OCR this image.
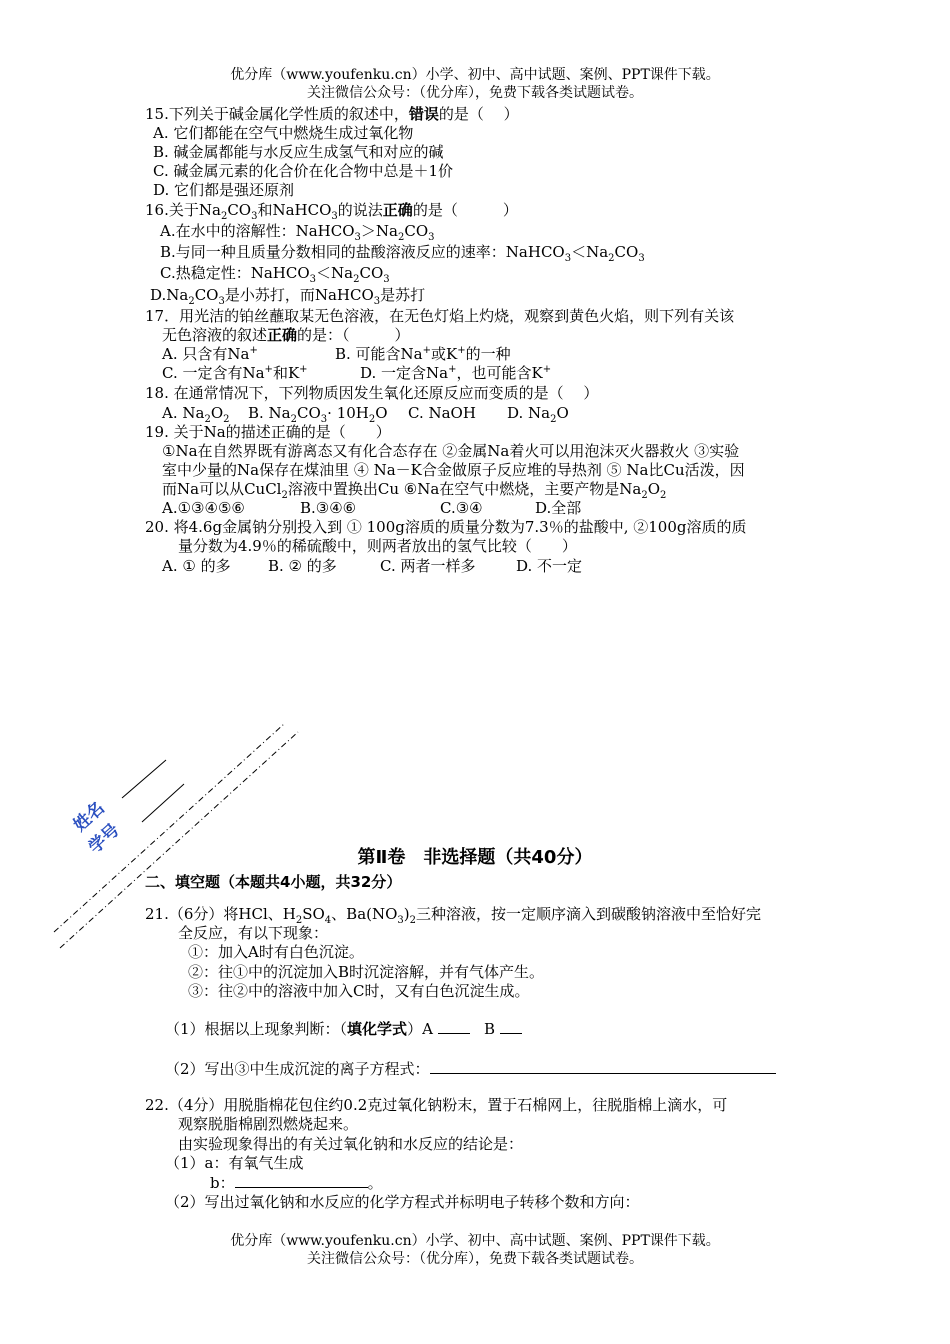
优分库（www.youfenku.cn）小学、初中、高中试题、案例、PPT课件下载。
关注微信公众号：（优分库），免费下载各类试题试卷。
15.下列关于碱金属化学性质的叙述中，错误的是（　 ）
A. 它们都能在空气中燃烧生成过氧化物
B. 碱金属都能与水反应生成氢气和对应的碱
C. 碱金属元素的化合价在化合物中总是＋1价
D. 它们都是强还原剂
16.关于$Na_2CO_3$和NaHCO$_3$的说法正确的是（　　　）
A.在水中的溶解性：$NaHCO_3>Na_2CO_3$
B.与同一种且质量分数相同的盐酸溶液反应的速率：$NaHCO_3<Na_2CO_3$
C.热稳定性：$NaHCO_3<Na_2CO_3$
$D.Na_2CO_3$是小苏打，而NaHCO$_3$是苏打
17．用光洁的铂丝蘸取某无色溶液，在无色灯焰上灼烧，观察到黄色火焰，则下列有关该
无色溶液的叙述正确的是：（　　　）
A. 只含有Na+	B. 可能含Na+或K+的一种
C. 一定含有Na+和K+	D. 一定含Na+，也可能含K+
18. 在通常情况下，下列物质因发生氧化还原反应而变质的是（　 ）
A. $Na_2O_2$ B. $Na_2CO_3\cdot 10H_2O$ C. NaOH D. $Na_2O$
19. 关于Na的描述正确的是（　　）
①Na在自然界既有游离态又有化合态存在 ②金属Na着火可以用泡沫灭火器救火 ③实验
室中少量的Na保存在煤油里 ④ Na－K合金做原子反应堆的导热剂 ⑤ Na比Cu活泼，因
而Na可以从CuCl$_2$溶液中置换出Cu ⑥Na在空气中燃烧，主要产物是$Na_2O_2$
A.①③④⑤⑥	B.③④⑥	C.③④	D.全部
20. 将4.6g金属钠分别投入到 ① 100g溶质的质量分数为7.3％的盐酸中, ②100g溶质的质
量分数为4.9％的稀硫酸中，则两者放出的氢气比较（　　）
A. ① 的多 B. ② 的多	C. 两者一样多	D. 不一定
姓名
学号	第Ⅱ卷　非选择题（共40分）
二、填空题（本题共4小题，共32分）
21.（6分）将HCl、$H_2SO_4$、$Ba(NO_3)_2$三种溶液，按一定顺序滴入到碳酸钠溶液中至恰好完
全反应，有以下现象：
①：加入A时有白色沉淀。
②：往①中的沉淀加入B时沉淀溶解，并有气体产生。
③：往②中的溶液中加入C时，又有白色沉淀生成。
（1）根据以上现象判断：（填化学式）A	B
（2）写出③中生成沉淀的离子方程式：
22.（4分）用脱脂棉花包住约0.2克过氧化钠粉末，置于石棉网上，往脱脂棉上滴水，可
观察脱脂棉剧烈燃烧起来。
由实验现象得出的有关过氧化钠和水反应的结论是：
（1）a：有氧气生成
b：	。
（2）写出过氧化钠和水反应的化学方程式并标明电子转移个数和方向：
优分库（www.youfenku.cn）小学、初中、高中试题、案例、PPT课件下载。
关注微信公众号：（优分库），免费下载各类试题试卷。
